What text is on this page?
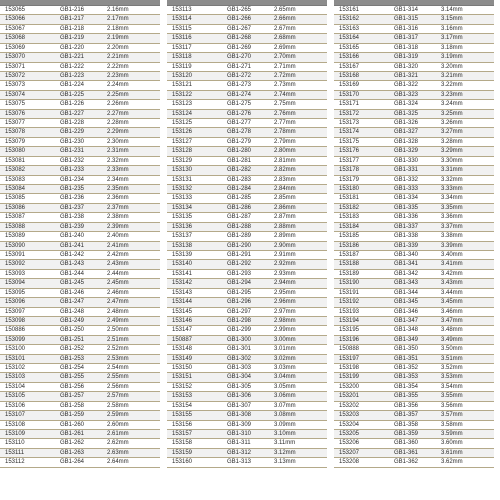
153065	GB1-216	2.16mm
153066	GB1-217	2.17mm
153067	GB1-218	2.18mm
153068	GB1-219	2.19mm
153069	GB1-220	2.20mm
153070	GB1-221	2.21mm
153071	GB1-222	2.22mm
153072	GB1-223	2.23mm
153073	GB1-224	2.24mm
153074	GB1-225	2.25mm
153075	GB1-226	2.26mm
153076	GB1-227	2.27mm
153077	GB1-228	2.28mm
153078	GB1-229	2.29mm
153079	GB1-230	2.30mm
153080	GB1-231	2.31mm
153081	GB1-232	2.32mm
153082	GB1-233	2.33mm
153083	GB1-234	2.34mm
153084	GB1-235	2.35mm
153085	GB1-236	2.36mm
153086	GB1-237	2.37mm
153087	GB1-238	2.38mm
153088	GB1-239	2.39mm
153089	GB1-240	2.40mm
153090	GB1-241	2.41mm
153091	GB1-242	2.42mm
153092	GB1-243	2.43mm
153093	GB1-244	2.44mm
153094	GB1-245	2.45mm
153095	GB1-246	2.46mm
153096	GB1-247	2.47mm
153097	GB1-248	2.48mm
153098	GB1-249	2.49mm
150886	GB1-250	2.50mm
153099	GB1-251	2.51mm
153100	GB1-252	2.52mm
153101	GB1-253	2.53mm
153102	GB1-254	2.54mm
153103	GB1-255	2.55mm
153104	GB1-256	2.56mm
153105	GB1-257	2.57mm
153106	GB1-258	2.58mm
153107	GB1-259	2.59mm
153108	GB1-260	2.60mm
153109	GB1-261	2.61mm
153110	GB1-262	2.62mm
153111	GB1-263	2.63mm
153112	GB1-264	2.64mm
153113	GB1-265	2.65mm
153114	GB1-266	2.66mm
153115	GB1-267	2.67mm
153116	GB1-268	2.68mm
153117	GB1-269	2.69mm
153118	GB1-270	2.70mm
153119	GB1-271	2.71mm
153120	GB1-272	2.72mm
153121	GB1-273	2.73mm
153122	GB1-274	2.74mm
153123	GB1-275	2.75mm
153124	GB1-276	2.76mm
153125	GB1-277	2.77mm
153126	GB1-278	2.78mm
153127	GB1-279	2.79mm
153128	GB1-280	2.80mm
153129	GB1-281	2.81mm
153130	GB1-282	2.82mm
153131	GB1-283	2.83mm
153132	GB1-284	2.84mm
153133	GB1-285	2.85mm
153134	GB1-286	2.86mm
153135	GB1-287	2.87mm
153136	GB1-288	2.88mm
153137	GB1-289	2.89mm
153138	GB1-290	2.90mm
153139	GB1-291	2.91mm
153140	GB1-292	2.92mm
153141	GB1-293	2.93mm
153142	GB1-294	2.94mm
153143	GB1-295	2.95mm
153144	GB1-296	2.96mm
153145	GB1-297	2.97mm
153146	GB1-298	2.98mm
153147	GB1-299	2.99mm
150887	GB1-300	3.00mm
153148	GB1-301	3.01mm
153149	GB1-302	3.02mm
153150	GB1-303	3.03mm
153151	GB1-304	3.04mm
153152	GB1-305	3.05mm
153153	GB1-306	3.06mm
153154	GB1-307	3.07mm
153155	GB1-308	3.08mm
153156	GB1-309	3.09mm
153157	GB1-310	3.10mm
153158	GB1-311	3.11mm
153159	GB1-312	3.12mm
153160	GB1-313	3.13mm
153161	GB1-314	3.14mm
153162	GB1-315	3.15mm
153163	GB1-316	3.16mm
153164	GB1-317	3.17mm
153165	GB1-318	3.18mm
153166	GB1-319	3.19mm
153167	GB1-320	3.20mm
153168	GB1-321	3.21mm
153169	GB1-322	3.22mm
153170	GB1-323	3.23mm
153171	GB1-324	3.24mm
153172	GB1-325	3.25mm
153173	GB1-326	3.26mm
153174	GB1-327	3.27mm
153175	GB1-328	3.28mm
153176	GB1-329	3.29mm
153177	GB1-330	3.30mm
153178	GB1-331	3.31mm
153179	GB1-332	3.32mm
153180	GB1-333	3.33mm
153181	GB1-334	3.34mm
153182	GB1-335	3.35mm
153183	GB1-336	3.36mm
153184	GB1-337	3.37mm
153185	GB1-338	3.38mm
153186	GB1-339	3.39mm
153187	GB1-340	3.40mm
153188	GB1-341	3.41mm
153189	GB1-342	3.42mm
153190	GB1-343	3.43mm
153191	GB1-344	3.44mm
153192	GB1-345	3.45mm
153193	GB1-346	3.46mm
153194	GB1-347	3.47mm
153195	GB1-348	3.48mm
153196	GB1-349	3.49mm
150888	GB1-350	3.50mm
153197	GB1-351	3.51mm
153198	GB1-352	3.52mm
153199	GB1-353	3.53mm
153200	GB1-354	3.54mm
153201	GB1-355	3.55mm
153202	GB1-356	3.56mm
153203	GB1-357	3.57mm
153204	GB1-358	3.58mm
153205	GB1-359	3.59mm
153206	GB1-360	3.60mm
153207	GB1-361	3.61mm
153208	GB1-362	3.62mm
